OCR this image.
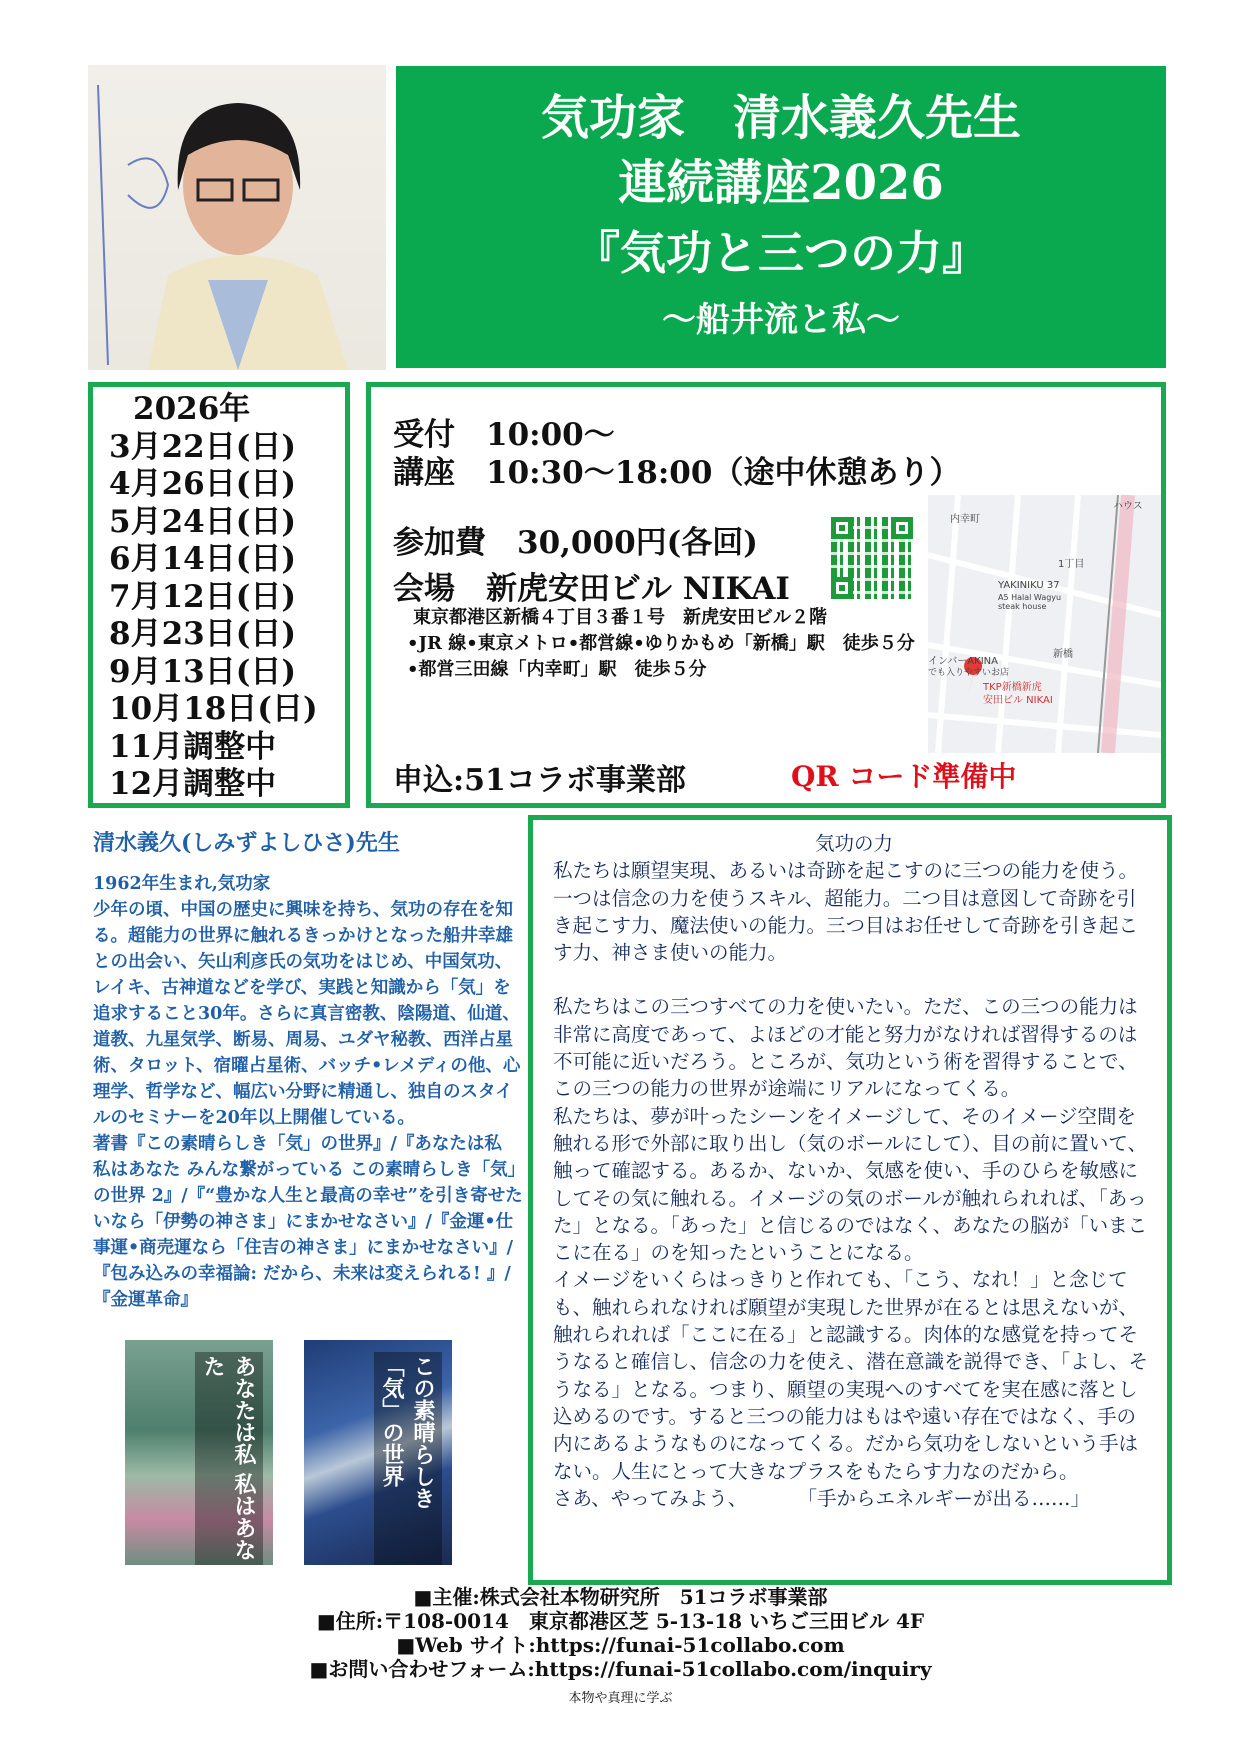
気功家　清水義久先生
連続講座2026
『気功と三つの力』
～船井流と私～
2026年
3月22日(日)
4月26日(日)
5月24日(日)
6月14日(日)
7月12日(日)
8月23日(日)
9月13日(日)
10月18日(日)
11月調整中
12月調整中
受付　10:00～
講座　10:30～18:00（途中休憩あり）
参加費　30,000円(各回)
会場　新虎安田ビル NIKAI
東京都港区新橋４丁目３番１号　新虎安田ビル２階
•JR 線•東京メトロ•都営線•ゆりかもめ「新橋」駅　徒歩５分
•都営三田線「内幸町」駅　徒歩５分
内幸町
YAKINIKU 37
A5 Halal Wagyu steak house
1丁目
新橋
インバーAKINA
でも入りやすいお店
TKP新橋新虎
安田ビル NIKAI
ハウス
申込:51コラボ事業部	QR コード準備中
清水義久(しみずよしひさ)先生

1962年生まれ,気功家

少年の頃、中国の歴史に興味を持ち、気功の存在を知る。超能力の世界に触れるきっかけとなった船井幸雄との出会い、矢山利彦氏の気功をはじめ、中国気功、レイキ、古神道などを学び、実践と知識から「気」を追求すること30年。さらに真言密教、陰陽道、仙道、道教、九星気学、断易、周易、ユダヤ秘教、西洋占星術、タロット、宿曜占星術、バッチ•レメディの他、心理学、哲学など、幅広い分野に精通し、独自のスタイルのセミナーを20年以上開催している。

著書『この素晴らしき「気」の世界』/『あなたは私 私はあなた みんな繋がっている この素晴らしき「気」の世界 2』/『“豊かな人生と最高の幸せ”を引き寄せたいなら「伊勢の神さま」にまかせなさい』/『金運•仕事運•商売運なら「住吉の神さま」にまかせなさい』/『包み込みの幸福論: だから、未来は変えられる! 』/『金運革命』

あなたは私 私はあなた	この素晴らしき「気」の世界
気功の力

私たちは願望実現、あるいは奇跡を起こすのに三つの能力を使う。

一つは信念の力を使うスキル、超能力。二つ目は意図して奇跡を引き起こす力、魔法使いの能力。三つ目はお任せして奇跡を引き起こす力、神さま使いの能力。

私たちはこの三つすべての力を使いたい。ただ、この三つの能力は非常に高度であって、よほどの才能と努力がなければ習得するのは不可能に近いだろう。ところが、気功という術を習得することで、この三つの能力の世界が途端にリアルになってくる。

私たちは、夢が叶ったシーンをイメージして、そのイメージ空間を触れる形で外部に取り出し（気のボールにして）、目の前に置いて、触って確認する。あるか、ないか、気感を使い、手のひらを敏感にしてその気に触れる。イメージの気のボールが触れられれば、「あった」となる。「あった」と信じるのではなく、あなたの脳が「いまここに在る」のを知ったということになる。

イメージをいくらはっきりと作れても、「こう、なれ！」と念じても、触れられなければ願望が実現した世界が在るとは思えないが、触れられれば「ここに在る」と認識する。肉体的な感覚を持ってそうなると確信し、信念の力を使え、潜在意識を説得でき、「よし、そうなる」となる。つまり、願望の実現へのすべてを実在感に落とし込めるのです。すると三つの能力はもはや遠い存在ではなく、手の内にあるようなものになってくる。だから気功をしないという手はない。人生にとって大きなプラスをもたらす力なのだから。

さあ、やってみよう、	「手からエネルギーが出る……」

■主催:株式会社本物研究所　51コラボ事業部
■住所:〒108-0014　東京都港区芝 5-13-18 いちご三田ビル 4F
■Web サイト:https://funai-51collabo.com
■お問い合わせフォーム:https://funai-51collabo.com/inquiry
本物や真理に学ぶ
